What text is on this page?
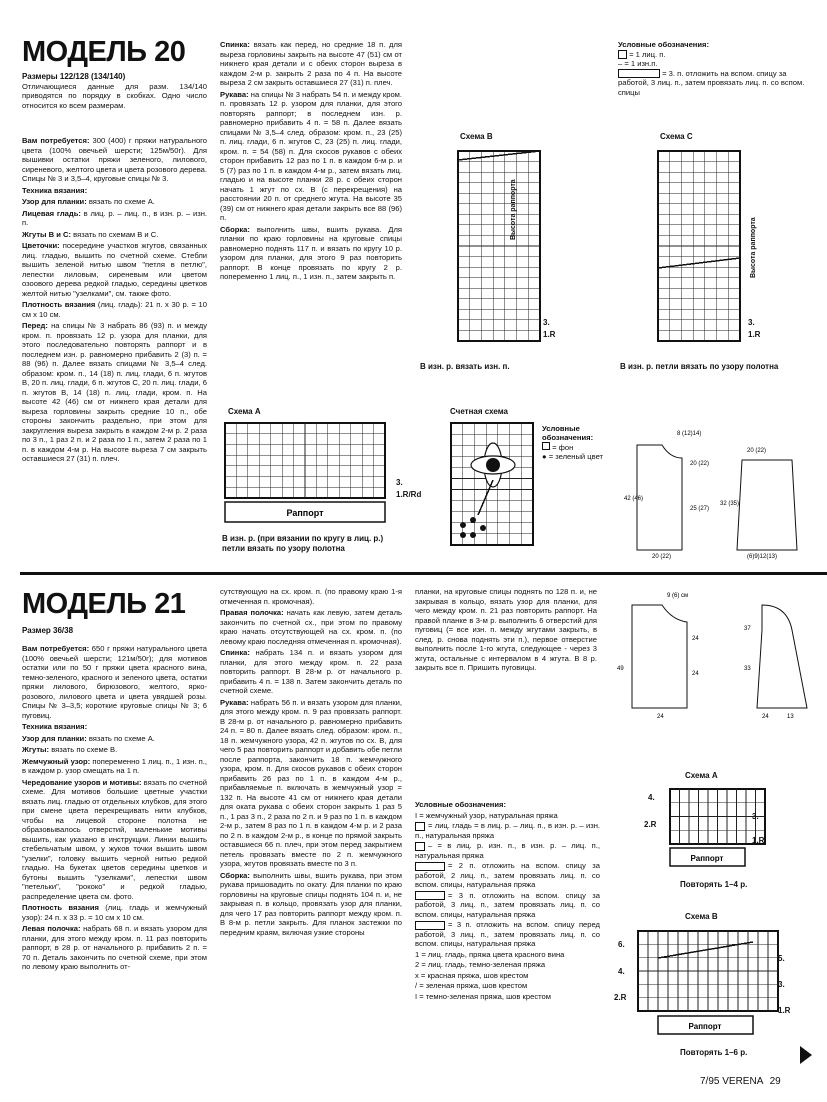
МОДЕЛЬ 20
Размеры 122/128 (134/140)
Отличающиеся данные для разм. 134/140 приводятся по порядку в скобках. Одно число относится ко всем размерам.

Вам потребуется: 300 (400) г пряжи натурального цвета (100% овечьей шерсти; 125м/50г). Для вышивки остатки пряжи зеленого, лилового, сиреневого, желтого цвета и цвета розового дерева. Спицы № 3 и 3,5–4, круговые спицы № 3.

Техника вязания:

Узор для планки: вязать по схеме А.

Лицевая гладь: в лиц. р. – лиц. п., в изн. р. – изн. п.

Жгуты В и С: вязать по схемам В и С.

Цветочки: посередине участков жгутов, связанных лиц. гладью, вышить по счетной схеме. Стебли вышить зеленой нитью швом "петля в петлю", лепестки лиловым, сиреневым или цветом озоового дерева редкой гладью, середины цветков желтой нитью "узелками", см. также фото.

Плотность вязания (лиц. гладь): 21 п. x 30 р. = 10 см x 10 см.

Перед: на спицы № 3 набрать 86 (93) п. и между кром. п. провязать 12 р. узора для планки, для этого последовательно повторять раппорт и в последнем изн. р. равномерно прибавить 2 (3) п. = 88 (96) п. Далее вязать спицами № 3,5–4 след. образом: кром. п., 14 (18) п. лиц. глади, 6 п. жгутов В, 20 п. лиц. глади, 6 п. жгутов С, 20 п. лиц. глади, 6 п. жгутов В, 14 (18) п. лиц. глади, кром. п. На высоте 42 (46) см от нижнего края детали для выреза горловины закрыть средние 10 п., обе стороны закончить раздельно, при этом для закругления выреза закрыть в каждом 2-м р. 2 раза по 3 п., 1 раз 2 п. и 2 раза по 1 п., затем 2 раза по 1 п. в каждом 4-м р. На высоте выреза 7 см закрыть оставшиеся 27 (31) п. плеч.

Спинка: вязать как перед, но средние 18 п. для выреза горловины закрыть на высоте 47 (51) см от нижнего края детали и с обеих сторон выреза в каждом 2-м р. закрыть 2 раза по 4 п. На высоте выреза 2 см закрыть оставшиеся 27 (31) п. плеч.

Рукава: на спицы № 3 набрать 54 п. и между кром. п. провязать 12 р. узором для планки, для этого повторять раппорт; в последнем изн. р. равномерно прибавить 4 п. = 58 п. Далее вязать спицами № 3,5–4 след. образом: кром. п., 23 (25) п. лиц. глади, 6 п. жгутов С, 23 (25) п. лиц. глади, кром. п. = 54 (58) п. Для скосов рукавов с обеих сторон прибавить 12 раз по 1 п. в каждом 6-м р. и 5 (7) раз по 1 п. в каждом 4-м р., затем вязать лиц. гладью и на высоте планки 28 р. с обеих сторон начать 1 жгут по сх. В (с перекрещения) на расстоянии 20 п. от среднего жгута. На высоте 35 (39) см от нижнего края детали закрыть все 88 (96) п.

Сборка: выполнить швы, вшить рукава. Для планки по краю горловины на круговые спицы равномерно поднять 117 п. и вязать по кругу 10 р. узором для планки, для этого 9 раз повторить раппорт. В конце провязать по кругу 2 р. попеременно 1 лиц. п., 1 изн. п., затем закрыть п.

Условные обозначения:
= 1 лиц. п.
– = 1 изн.п.
= 3. п. отложить на вспом. спицу за работой, 3 лиц. п., затем провязать лиц. п. со вспом. спицы
Схема В
Высота раппорта
3.
1.R
В изн. р. вязать изн. п.
Схема С
Высота раппорта
3.
1.R
В изн. р. петли вязать по узору полотна
Схема А
Раппорт
3.
1.R/Rd
В изн. р. (при вязании по кругу в лиц. р.) петли вязать по узору полотна
Счетная схема
Условные обозначения:
= фон
● = зеленый цвет
8 (12)14)
20 (22)
42 (46)
25 (27)
20 (22)
20 (22)
32 (35)
(6)9)12(13)
МОДЕЛЬ 21
Размер 36/38

Вам потребуется: 650 г пряжи натурального цвета (100% овечьей шерсти; 121м/50г); для мотивов остатки или по 50 г пряжи цвета красного вина, темно-зеленого, красного и зеленого цвета, остатки пряжи лилового, бирюзового, желтого, ярко-розового, лилового цвета и цвета увядшей розы. Спицы № 3–3,5; короткие круговые спицы № 3; 6 пуговиц.

Техника вязания:

Узор для планки: вязать по схеме А.

Жгуты: вязать по схеме В.

Жемчужный узор: попеременно 1 лиц. п., 1 изн. п., в каждом р. узор смещать на 1 п.

Чередование узоров и мотивы: вязать по счетной схеме. Для мотивов большие цветные участки вязать лиц. гладью от отдельных клубков, для этого при смене цвета перекрещивать нити клубков, чтобы на лицевой стороне полотна не образовывалось отверстий, маленькие мотивы вышить, как указано в инструкции. Линии вышить стебельчатым швом, у жуков точки вышить швом "узелки", головку вышить черной нитью редкой гладью. На букетах цветов середины цветков и бутоны вышить "узелками", лепестки швом "петельки", "рококо" и редкой гладью, распределение цвета см. фото.

Плотность вязания (лиц. гладь и жемчужный узор): 24 п. x 33 р. = 10 см x 10 см.

Левая полочка: набрать 68 п. и вязать узором для планки, для этого между кром. п. 11 раз повторить раппорт, в 28 р. от начального р. прибавить 2 п. = 70 п. Деталь закончить по счетной схеме, при этом по левому краю выполнить от-

сутствующую на сх. кром. п. (по правому краю 1-я отмеченная п. кромочная).

Правая полочка: начать как левую, затем деталь закончить по счетной сх., при этом по правому краю начать отсутствующей на сх. кром. п. (по левому краю последняя отмеченная п. кромочная).

Спинка: набрать 134 п. и вязать узором для планки, для этого между кром. п. 22 раза повторить раппорт. В 28-м р. от начального р. прибавить 4 п. = 138 п. Затем закончить деталь по счетной схеме.

Рукава: набрать 56 п. и вязать узором для планки, для этого между кром. п. 9 раз провязать раппорт. В 28-м р. от начального р. равномерно прибавить 24 п. = 80 п. Далее вязать след. образом: кром. п., 18 п. жемчужного узора, 42 п. жгутов по сх. В, для чего 5 раз повторить раппорт и добавить обе петли после раппорта, закончить 18 п. жемчужного узора, кром. п. Для скосов рукавов с обеих сторон прибавить 26 раз по 1 п. в каждом 4-м р., прибавляемые п. включать в жемчужный узор = 132 п. На высоте 41 см от нижнего края детали для оката рукава с обеих сторон закрыть 1 раз 5 п., 1 раз 3 п., 2 раза по 2 п. и 9 раз по 1 п. в каждом 2-м р., затем 8 раз по 1 п. в каждом 4-м р. и 2 раза по 2 п. в каждом 2-м р., в конце по прямой закрыть оставшиеся 66 п. плеч, при этом перед закрытием петель провязать вместе по 2 п. жемчужного узора, жгутов провязать вместе по 3 п.

Сборка: выполнить швы, вшить рукава, при этом рукава пришовадить по окату. Для планки по краю горловины на круговые спицы поднять 104 п. и, не закрывая п. в кольцо, провязать узор для планки, для чего 17 раз повторить раппорт между кром. п. В 8-м р. петли закрыть. Для планок застежки по передним краям, включая узкие стороны

планки, на круговые спицы поднять по 128 п. и, не закрывая в кольцо, вязать узор для планки, для чего между кром. п. 21 раз повторить раппорт. На правой планке в 3-м р. выполнить 6 отверстий для пуговиц (= все изн. п. между жгутами закрыть, в след. р. снова поднять эти п.), первое отверстие выполнить после 1-го жгута, следующее - через 3 жгута, остальные с интервалом в 4 жгута. В 8 р. закрыть все п. Пришить пуговицы.

9 (6) см
24
49
24
24
37
33
24	13
Условные обозначения:
I = жемчужный узор, натуральная пряжа
= лиц. гладь = в лиц. р. – лиц. п., в изн. р. – изн. п., натуральная пряжа
– = в лиц. р. изн. п., в изн. р. – лиц. п., натуральная пряжа
= 2 п. отложить на вспом. спицу за работой, 2 лиц. п., затем провязать лиц. п. со вспом. спицы, натуральная пряжа
= 3 п. отложить на вспом. спицу за работой, 3 лиц. п., затем провязать лиц. п. со вспом. спицы, натуральная пряжа
= 3 п. отложить на вспом. спицу перед работой, 3 лиц. п., затем провязать лиц. п. со вспом. спицы, натуральная пряжа
1 = лиц. гладь, пряжа цвета красного вина
2 = лиц. гладь, темно-зеленая пряжа
x = красная пряжа, шов крестом
/ = зеленая пряжа, шов крестом
I = темно-зеленая пряжа, шов крестом
Схема А
Раппорт
4.
3.
2.R
1.R
Повторять 1–4 р.
Схема В
Раппорт
6.
5.
4.
3.
2.R
1.R
Повторять 1–6 р.
7/95 VERENA 29
